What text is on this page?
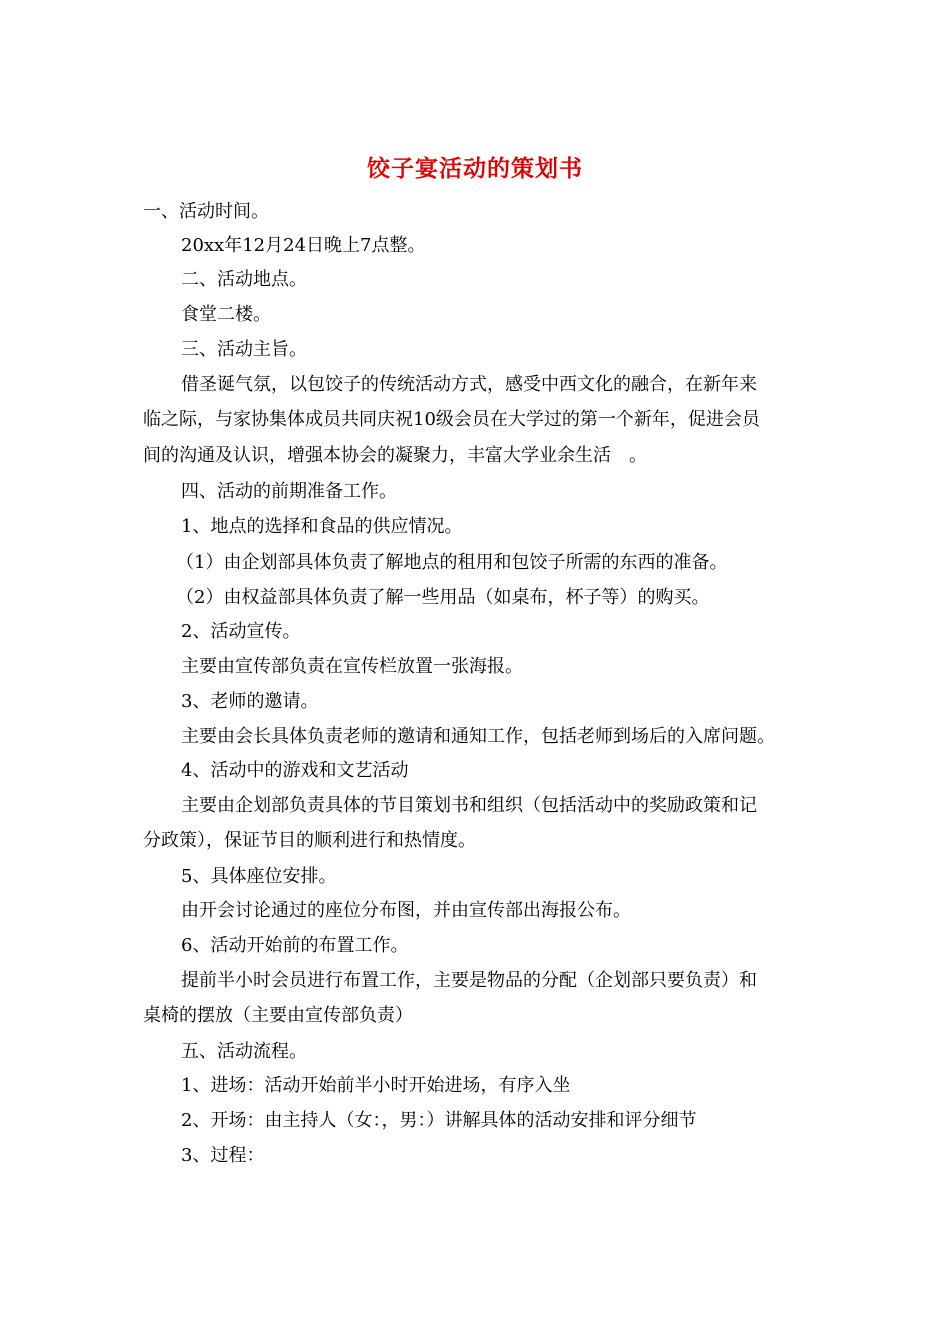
饺子宴活动的策划书
一、活动时间。
20xx年12月24日晚上7点整。
二、活动地点。
食堂二楼。
三、活动主旨。
借圣诞气氛，以包饺子的传统活动方式，感受中西文化的融合，在新年来
临之际，与家协集体成员共同庆祝10级会员在大学过的第一个新年，促进会员
间的沟通及认识，增强本协会的凝聚力，丰富大学业余生活　。
四、活动的前期准备工作。
1、地点的选择和食品的供应情况。
（1）由企划部具体负责了解地点的租用和包饺子所需的东西的准备。
（2）由权益部具体负责了解一些用品（如桌布，杯子等）的购买。
2、活动宣传。
主要由宣传部负责在宣传栏放置一张海报。
3、老师的邀请。
主要由会长具体负责老师的邀请和通知工作，包括老师到场后的入席问题。
4、活动中的游戏和文艺活动
主要由企划部负责具体的节目策划书和组织（包括活动中的奖励政策和记
分政策），保证节目的顺利进行和热情度。
5、具体座位安排。
由开会讨论通过的座位分布图，并由宣传部出海报公布。
6、活动开始前的布置工作。
提前半小时会员进行布置工作，主要是物品的分配（企划部只要负责）和
桌椅的摆放（主要由宣传部负责）
五、活动流程。
1、进场：活动开始前半小时开始进场，有序入坐
2、开场：由主持人（女：，男：）讲解具体的活动安排和评分细节
3、过程：
